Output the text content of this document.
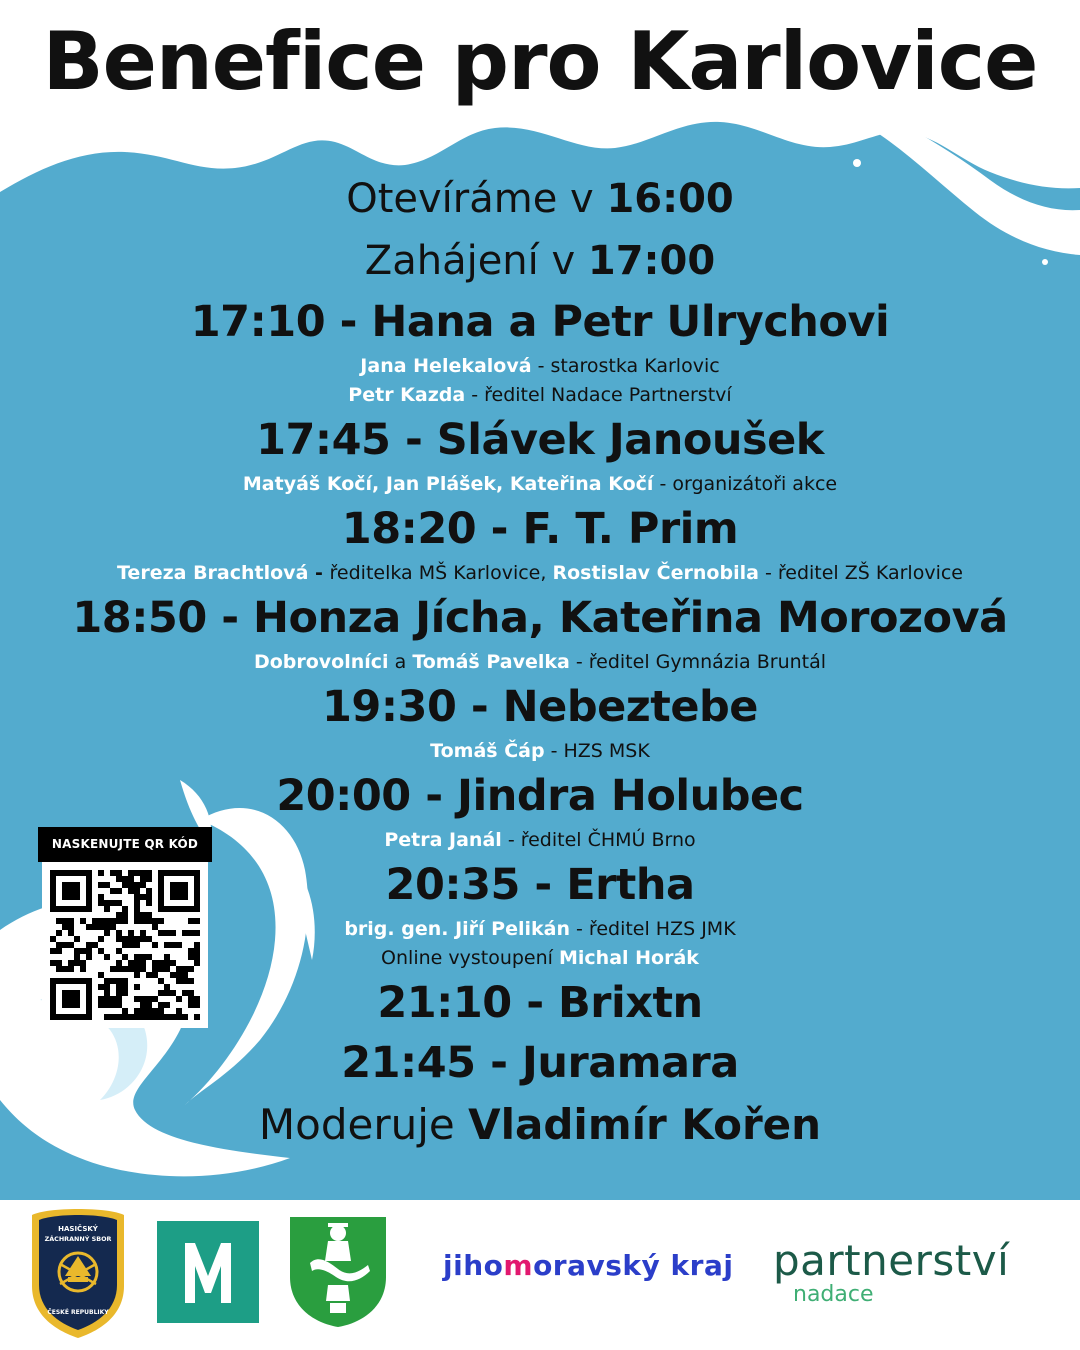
Benefice pro Karlovice
Otevíráme v 16:00
Zahájení v 17:00
17:10 - Hana a Petr Ulrychovi
Jana Helekalová - starostka Karlovic
Petr Kazda - ředitel Nadace Partnerství
17:45 - Slávek Janoušek
Matyáš Kočí, Jan Plášek, Kateřina Kočí - organizátoři akce
18:20 - F. T. Prim
Tereza Brachtlová - ředitelka MŠ Karlovice, Rostislav Černobila - ředitel ZŠ Karlovice
18:50 - Honza Jícha, Kateřina Morozová
Dobrovolníci a Tomáš Pavelka - ředitel Gymnázia Bruntál
19:30 - Nebeztebe
Tomáš Čáp - HZS MSK
20:00 - Jindra Holubec
Petra Janál - ředitel ČHMÚ Brno
20:35 - Ertha
brig. gen. Jiří Pelikán - ředitel HZS JMK
Online vystoupení Michal Horák
21:10 - Brixtn
21:45 - Juramara
Moderuje Vladimír Kořen
NASKENUJTE QR KÓD
HASIČSKÝ
ZÁCHRANNÝ SBOR
ČESKÉ REPUBLIKY
jihomoravský kraj partnerství
nadace
